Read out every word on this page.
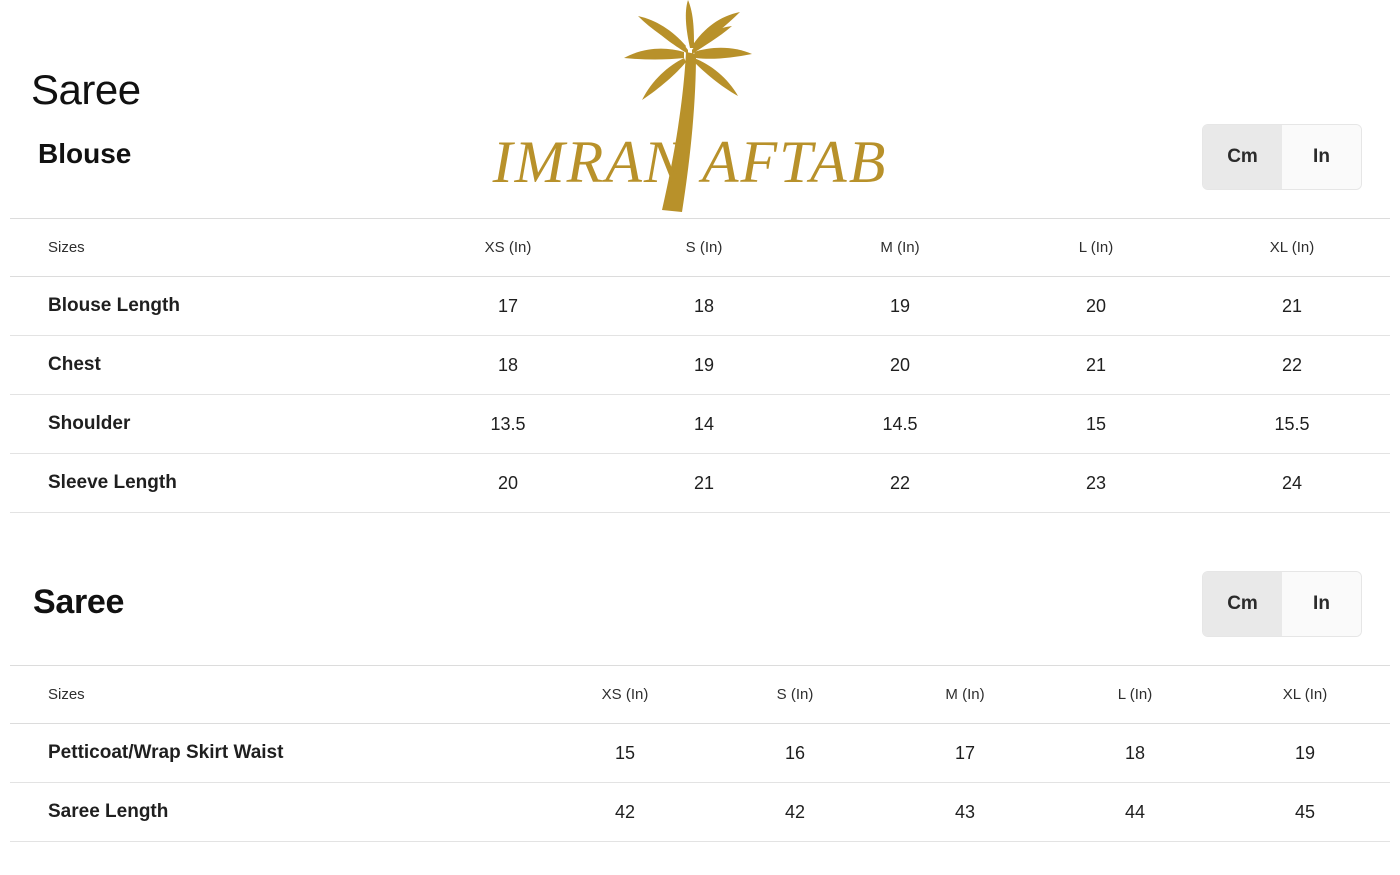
IMRAN AFTAB
Saree
Blouse
Saree
Cm	In
Sizes	XS (In)	S (In)	M (In)	L (In)	XL (In)
Blouse Length	17	18	19	20	21
Chest	18	19	20	21	22
Shoulder	13.5	14	14.5	15	15.5
Sleeve Length	20	21	22	23	24
Cm	In
Sizes	XS (In)	S (In)	M (In)	L (In)	XL (In)
Petticoat/Wrap Skirt Waist	15	16	17	18	19
Saree Length	42	42	43	44	45
